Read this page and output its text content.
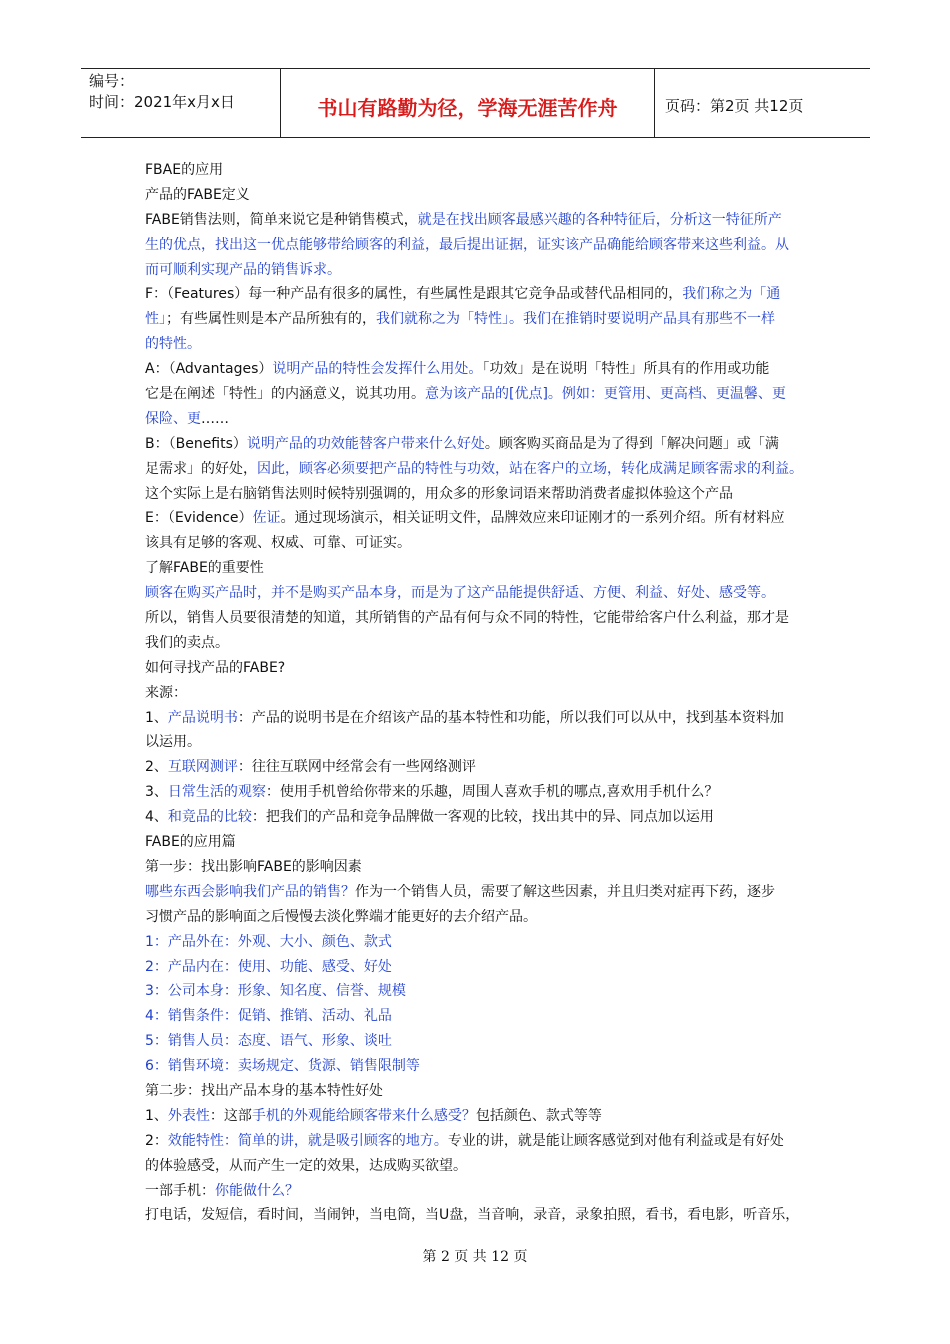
编号：
时间：2021年x月x日	书山有路勤为径，学海无涯苦作舟	页码：第2页 共12页
FBAE的应用
产品的FABE定义
FABE销售法则，简单来说它是种销售模式，就是在找出顾客最感兴趣的各种特征后，分析这一特征所产
生的优点，找出这一优点能够带给顾客的利益，最后提出证据，证实该产品确能给顾客带来这些利益。从
而可顺利实现产品的销售诉求。
F：（Features）每一种产品有很多的属性，有些属性是跟其它竞争品或替代品相同的，我们称之为「通
性」；有些属性则是本产品所独有的，我们就称之为「特性」。我们在推销时要说明产品具有那些不一样
的特性。
A：（Advantages）说明产品的特性会发挥什么用处。「功效」是在说明「特性」所具有的作用或功能
它是在阐述「特性」的内涵意义，说其功用。意为该产品的[优点]。例如：更管用、更高档、更温馨、更
保险、更……
B：（Benefits）说明产品的功效能替客户带来什么好处。顾客购买商品是为了得到「解决问题」或「满
足需求」的好处，因此，顾客必须要把产品的特性与功效，站在客户的立场，转化成满足顾客需求的利益。
这个实际上是右脑销售法则时候特别强调的，用众多的形象词语来帮助消费者虚拟体验这个产品
E：（Evidence）佐证。通过现场演示，相关证明文件，品牌效应来印证刚才的一系列介绍。所有材料应
该具有足够的客观、权威、可靠、可证实。
了解FABE的重要性
顾客在购买产品时，并不是购买产品本身，而是为了这产品能提供舒适、方便、利益、好处、感受等。
所以，销售人员要很清楚的知道，其所销售的产品有何与众不同的特性，它能带给客户什么利益，那才是
我们的卖点。
如何寻找产品的FABE?
来源：
1、产品说明书：产品的说明书是在介绍该产品的基本特性和功能，所以我们可以从中，找到基本资料加
以运用。
2、互联网测评：往往互联网中经常会有一些网络测评
3、日常生活的观察：使用手机曾给你带来的乐趣，周围人喜欢手机的哪点,喜欢用手机什么？
4、和竞品的比较：把我们的产品和竞争品牌做一客观的比较，找出其中的异、同点加以运用
FABE的应用篇
第一步：找出影响FABE的影响因素
哪些东西会影响我们产品的销售？作为一个销售人员，需要了解这些因素，并且归类对症再下药，逐步
习惯产品的影响面之后慢慢去淡化弊端才能更好的去介绍产品。
1：产品外在：外观、大小、颜色、款式
2：产品内在：使用、功能、感受、好处
3：公司本身：形象、知名度、信誉、规模
4：销售条件：促销、推销、活动、礼品
5：销售人员：态度、语气、形象、谈吐
6：销售环境：卖场规定、货源、销售限制等
第二步：找出产品本身的基本特性好处
1、外表性：这部手机的外观能给顾客带来什么感受？包括颜色、款式等等
2：效能特性：简单的讲，就是吸引顾客的地方。专业的讲，就是能让顾客感觉到对他有利益或是有好处
的体验感受，从而产生一定的效果，达成购买欲望。
一部手机：你能做什么？
打电话，发短信，看时间，当闹钟，当电筒，当U盘，当音响，录音，录象拍照，看书，看电影，听音乐，
第 2 页 共 12 页
